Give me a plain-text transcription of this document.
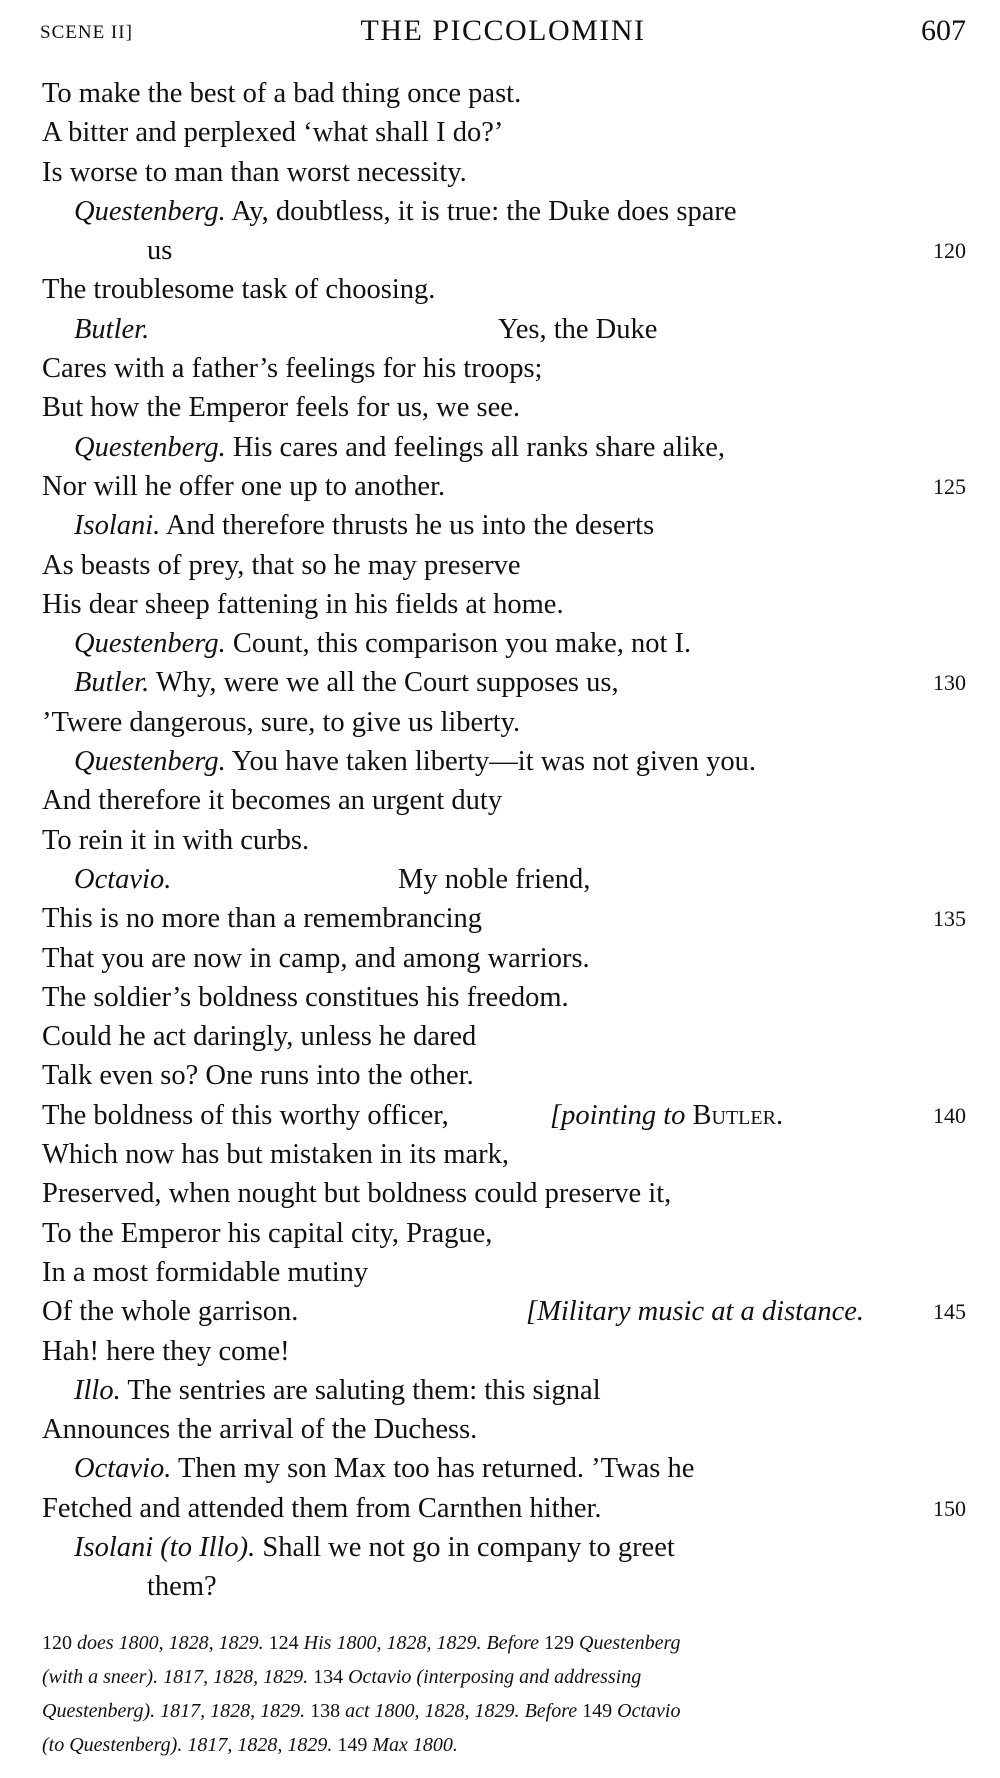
SCENE II]	THE PICCOLOMINI	607
To make the best of a bad thing once past.
A bitter and perplexed ‘what shall I do?’
Is worse to man than worst necessity.
Questenberg. Ay, doubtless, it is true: the Duke does spare
us	120
The troublesome task of choosing.
Butler.	Yes, the Duke
Cares with a father’s feelings for his troops;
But how the Emperor feels for us, we see.
Questenberg. His cares and feelings all ranks share alike,
Nor will he offer one up to another.	125
Isolani. And therefore thrusts he us into the deserts
As beasts of prey, that so he may preserve
His dear sheep fattening in his fields at home.
Questenberg. Count, this comparison you make, not I.
Butler. Why, were we all the Court supposes us,	130
’Twere dangerous, sure, to give us liberty.
Questenberg. You have taken liberty—it was not given you.
And therefore it becomes an urgent duty
To rein it in with curbs.
Octavio.	My noble friend,
This is no more than a remembrancing	135
That you are now in camp, and among warriors.
The soldier’s boldness constitues his freedom.
Could he act daringly, unless he dared
Talk even so? One runs into the other.
The boldness of this worthy officer,	[pointing to Butler.	140
Which now has but mistaken in its mark,
Preserved, when nought but boldness could preserve it,
To the Emperor his capital city, Prague,
In a most formidable mutiny
Of the whole garrison.	[Military music at a distance.	145
Hah! here they come!
Illo. The sentries are saluting them: this signal
Announces the arrival of the Duchess.
Octavio. Then my son Max too has returned. ’Twas he
Fetched and attended them from Carnthen hither.	150
Isolani (to Illo). Shall we not go in company to greet
them?

120 does 1800, 1828, 1829. 124 His 1800, 1828, 1829. Before 129 Questenberg

(with a sneer). 1817, 1828, 1829. 134 Octavio (interposing and addressing

Questenberg). 1817, 1828, 1829. 138 act 1800, 1828, 1829. Before 149 Octavio

(to Questenberg). 1817, 1828, 1829. 149 Max 1800.
